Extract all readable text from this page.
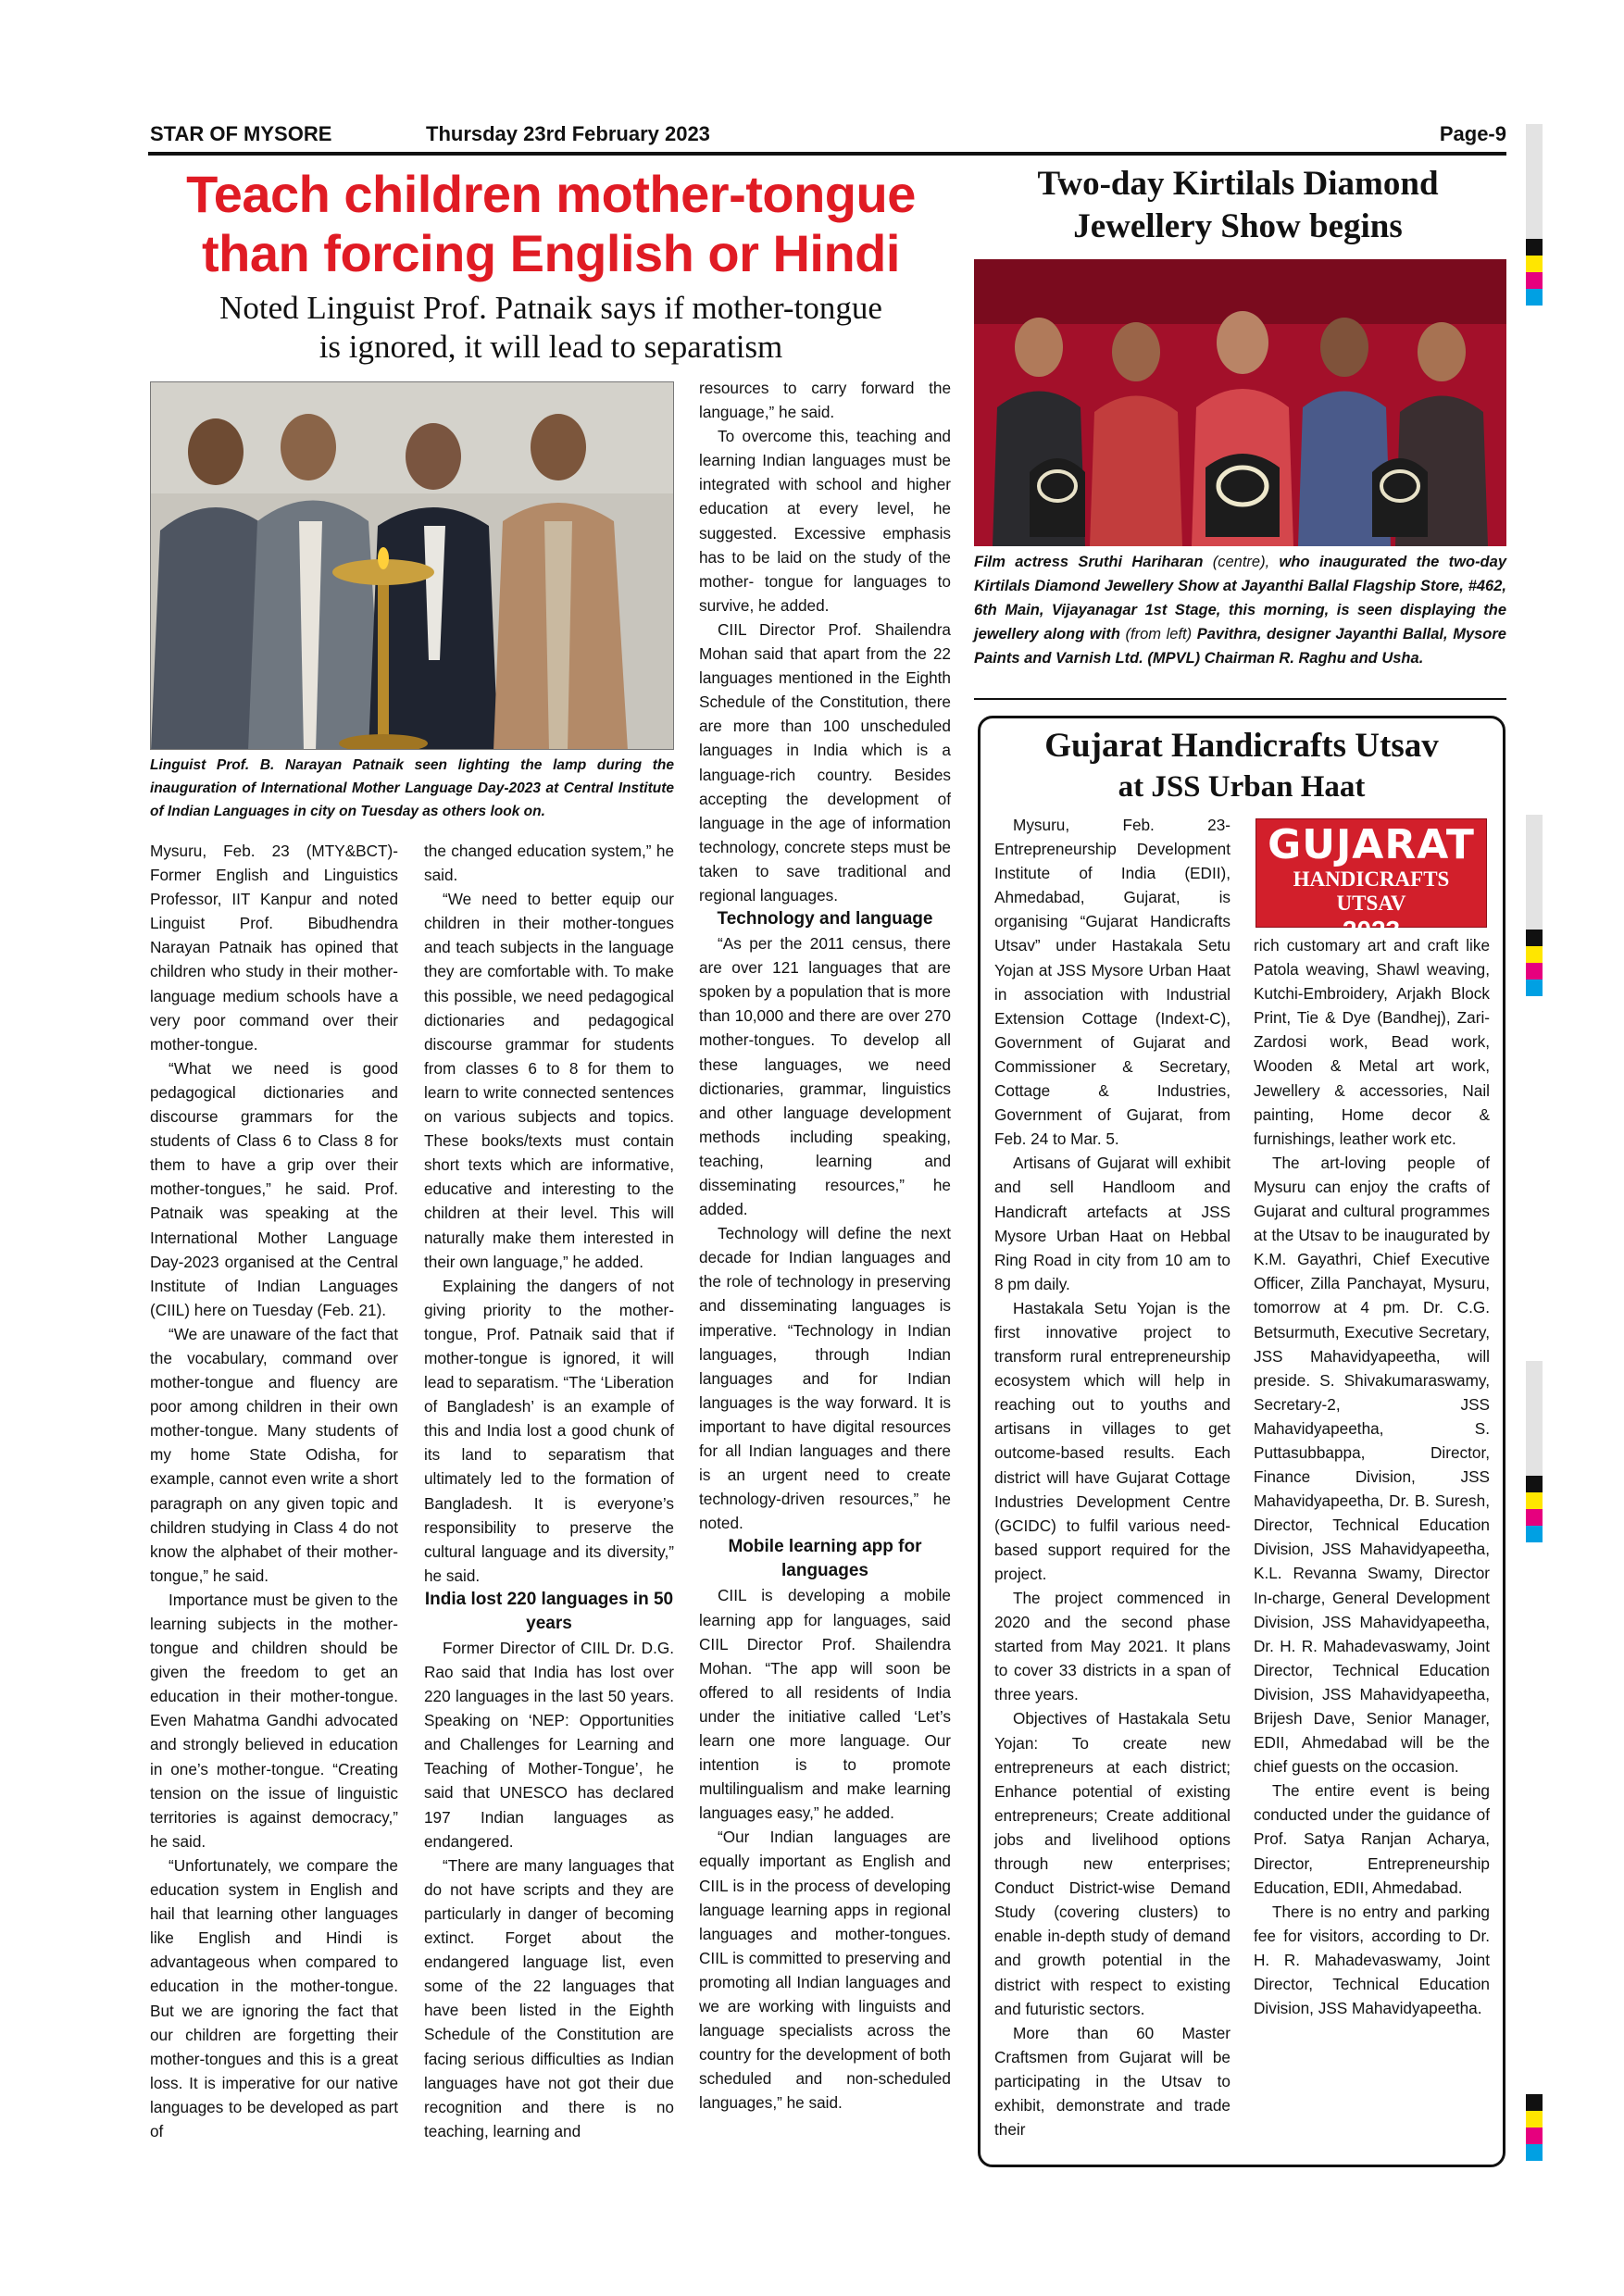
STAR OF MYSORE	Thursday 23rd February 2023	Page-9
Teach children mother-tongue
than forcing English or Hindi
Noted Linguist Prof. Patnaik says if mother-tongue
is ignored, it will lead to separatism
Linguist Prof. B. Narayan Patnaik seen lighting the lamp during the inauguration of International Mother Language Day-2023 at Central Institute of Indian Languages in city on Tuesday as others look on.

Mysuru, Feb. 23 (MTY&BCT)- Former English and Linguistics Professor, IIT Kanpur and noted Linguist Prof. Bibudhendra Narayan Patnaik has opined that children who study in their mother-language medium schools have a very poor command over their mother-tongue.

“What we need is good pedagogical dictionaries and discourse grammars for the students of Class 6 to Class 8 for them to have a grip over their mother-tongues,” he said. Prof. Patnaik was speaking at the International Mother Language Day-2023 organised at the Central Institute of Indian Languages (CIIL) here on Tuesday (Feb. 21).

“We are unaware of the fact that the vocabulary, command over mother-tongue and fluency are poor among children in their own mother-tongue. Many students of my home State Odisha, for example, cannot even write a short paragraph on any given topic and children studying in Class 4 do not know the alphabet of their mother-tongue,” he said.

Importance must be given to the learning subjects in the mother-tongue and children should be given the freedom to get an education in their mother-tongue. Even Mahatma Gandhi advocated and strongly believed in education in one’s mother-tongue. “Creating tension on the issue of linguistic territories is against democracy,” he said.

“Unfortunately, we compare the education system in English and hail that learning other languages like English and Hindi is advantageous when compared to education in the mother-tongue. But we are ignoring the fact that our children are forgetting their mother-tongues and this is a great loss. It is imperative for our native languages to be developed as part of

the changed education system,” he said.

“We need to better equip our children in their mother-tongues and teach subjects in the language they are comfortable with. To make this possible, we need pedagogical dictionaries and pedagogical discourse grammar for students from classes 6 to 8 for them to learn to write connected sentences on various subjects and topics. These books/texts must contain short texts which are informative, educative and interesting to the children at their level. This will naturally make them interested in their own language,” he added.

Explaining the dangers of not giving priority to the mother-tongue, Prof. Patnaik said that if mother-tongue is ignored, it will lead to separatism. “The ‘Liberation of Bangladesh’ is an example of this and India lost a good chunk of its land to separatism that ultimately led to the formation of Bangladesh. It is everyone’s responsibility to preserve the cultural language and its diversity,” he said.

India lost 220 languages in 50 years

Former Director of CIIL Dr. D.G. Rao said that India has lost over 220 languages in the last 50 years. Speaking on ‘NEP: Opportunities and Challenges for Learning and Teaching of Mother-Tongue’, he said that UNESCO has declared 197 Indian languages as endangered.

“There are many languages that do not have scripts and they are particularly in danger of becoming extinct. Forget about the endangered language list, even some of the 22 languages that have been listed in the Eighth Schedule of the Constitution are facing serious difficulties as Indian languages have not got their due recognition and there is no teaching, learning and

resources to carry forward the language,” he said.

To overcome this, teaching and learning Indian languages must be integrated with school and higher education at every level, he suggested. Excessive emphasis has to be laid on the study of the mother- tongue for languages to survive, he added.

CIIL Director Prof. Shailendra Mohan said that apart from the 22 languages mentioned in the Eighth Schedule of the Constitution, there are more than 100 unscheduled languages in India which is a language-rich country. Besides accepting the development of language in the age of information technology, concrete steps must be taken to save traditional and regional languages.

Technology and language

“As per the 2011 census, there are over 121 languages that are spoken by a population that is more than 10,000 and there are over 270 mother-tongues. To develop all these languages, we need dictionaries, grammar, linguistics and other language development methods including speaking, teaching, learning and disseminating resources,” he added.

Technology will define the next decade for Indian languages and the role of technology in preserving and disseminating languages is imperative. “Technology in Indian languages, through Indian languages and for Indian languages is the way forward. It is important to have digital resources for all Indian languages and there is an urgent need to create technology-driven resources,” he noted.

Mobile learning app for languages

CIIL is developing a mobile learning app for languages, said CIIL Director Prof. Shailendra Mohan. “The app will soon be offered to all residents of India under the initiative called ‘Let’s learn one more language. Our intention is to promote multilingualism and make learning languages easy,” he added.

“Our Indian languages are equally important as English and CIIL is in the process of developing language learning apps in regional languages and mother-tongues. CIIL is committed to preserving and promoting all Indian languages and we are working with linguists and language specialists across the country for the development of both scheduled and non-scheduled languages,” he said.

Two-day Kirtilals Diamond
Jewellery Show begins
Film actress Sruthi Hariharan (centre), who inaugurated the two-day Kirtilals Diamond Jewellery Show at Jayanthi Ballal Flagship Store, #462, 6th Main, Vijayanagar 1st Stage, this morning, is seen displaying the jewellery along with (from left) Pavithra, designer Jayanthi Ballal, Mysore Paints and Varnish Ltd. (MPVL) Chairman R. Raghu and Usha.
Gujarat Handicrafts Utsav
at JSS Urban Haat
GUJARAT
HANDICRAFTS UTSAV
2023

Mysuru, Feb. 23- Entrepreneurship Development Institute of India (EDII), Ahmedabad, Gujarat, is organising “Gujarat Handicrafts Utsav” under Hastakala Setu Yojan at JSS Mysore Urban Haat in association with Industrial Extension Cottage (Indext-C), Government of Gujarat and Commissioner & Secretary, Cottage & Industries, Government of Gujarat, from Feb. 24 to Mar. 5.

Artisans of Gujarat will exhibit and sell Handloom and Handicraft artefacts at JSS Mysore Urban Haat on Hebbal Ring Road in city from 10 am to 8 pm daily.

Hastakala Setu Yojan is the first innovative project to transform rural entrepreneurship ecosystem which will help in reaching out to youths and artisans in villages to get outcome-based results. Each district will have Gujarat Cottage Industries Development Centre (GCIDC) to fulfil various need-based support required for the project.

The project commenced in 2020 and the second phase started from May 2021. It plans to cover 33 districts in a span of three years.

Objectives of Hastakala Setu Yojan: To create new entrepreneurs at each district; Enhance potential of existing entrepreneurs; Create additional jobs and livelihood options through new enterprises; Conduct District-wise Demand Study (covering clusters) to enable in-depth study of demand and growth potential in the district with respect to existing and futuristic sectors.

More than 60 Master Craftsmen from Gujarat will be participating in the Utsav to exhibit, demonstrate and trade their

rich customary art and craft like Patola weaving, Shawl weaving, Kutchi-Embroidery, Arjakh Block Print, Tie & Dye (Bandhej), Zari-Zardosi work, Bead work, Wooden & Metal art work, Jewellery & accessories, Nail painting, Home decor & furnishings, leather work etc.

The art-loving people of Mysuru can enjoy the crafts of Gujarat and cultural programmes at the Utsav to be inaugurated by K.M. Gayathri, Chief Executive Officer, Zilla Panchayat, Mysuru, tomorrow at 4 pm. Dr. C.G. Betsurmuth, Executive Secretary, JSS Mahavidyapeetha, will preside. S. Shivakumaraswamy, Secretary-2, JSS Mahavidyapeetha, S. Puttasubbappa, Director, Finance Division, JSS Mahavidyapeetha, Dr. B. Suresh, Director, Technical Education Division, JSS Mahavidyapeetha, K.L. Revanna Swamy, Director In-charge, General Development Division, JSS Mahavidyapeetha, Dr. H. R. Mahadevaswamy, Joint Director, Technical Education Division, JSS Mahavidyapeetha, Brijesh Dave, Senior Manager, EDII, Ahmedabad will be the chief guests on the occasion.

The entire event is being conducted under the guidance of Prof. Satya Ranjan Acharya, Director, Entrepreneurship Education, EDII, Ahmedabad.

There is no entry and parking fee for visitors, according to Dr. H. R. Mahadevaswamy, Joint Director, Technical Education Division, JSS Mahavidyapeetha.
